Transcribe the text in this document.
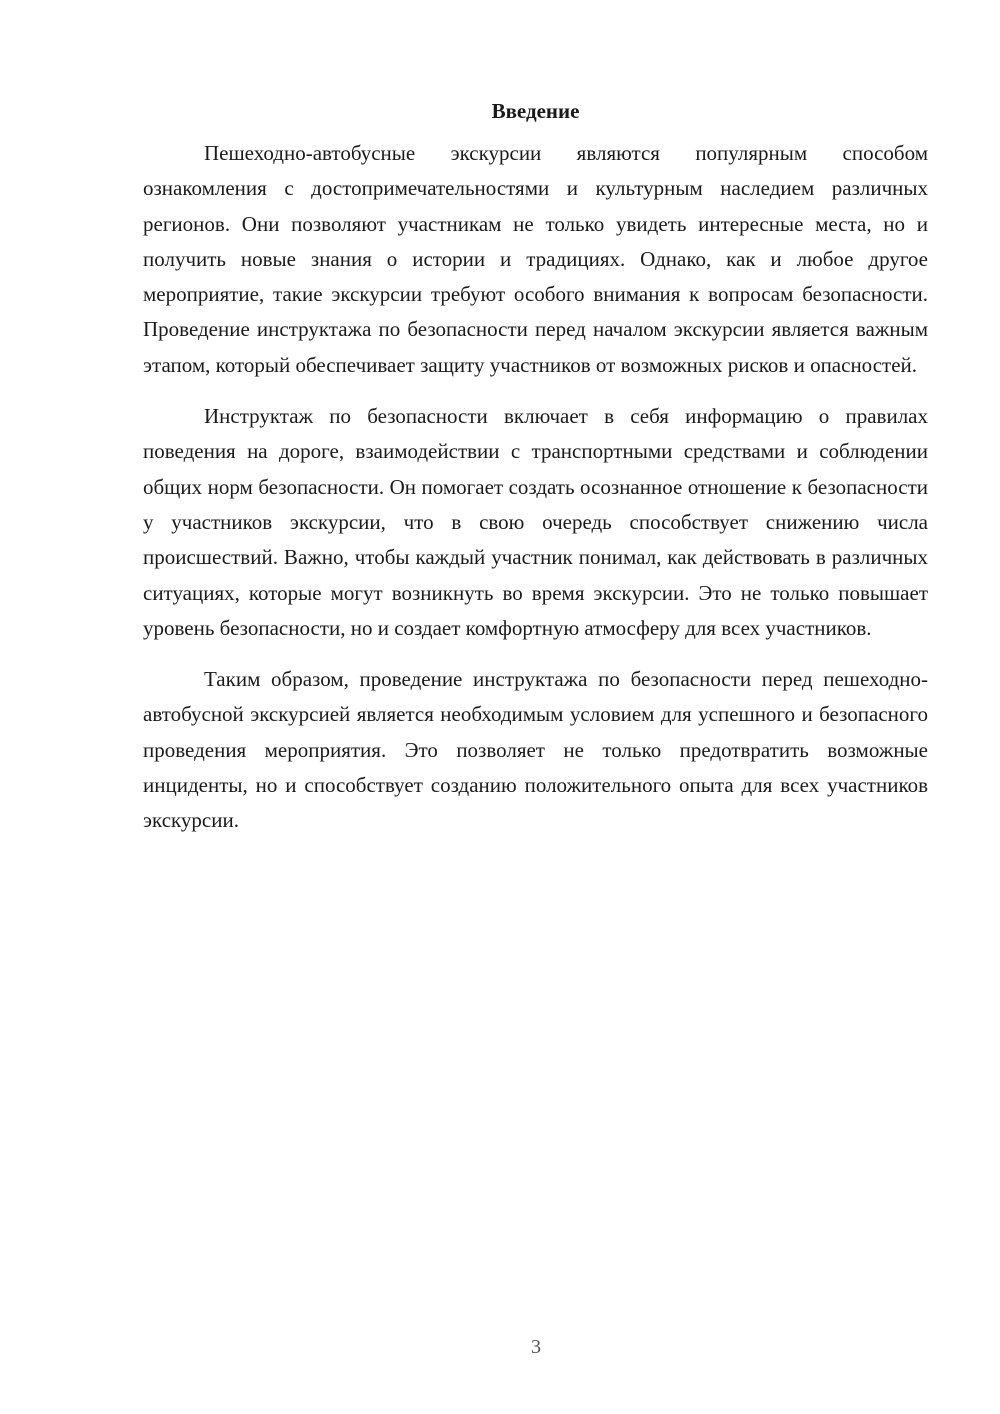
Введение

Пешеходно-автобусные экскурсии являются популярным способом ознакомления с достопримечательностями и культурным наследием различных регионов. Они позволяют участникам не только увидеть интересные места, но и получить новые знания о истории и традициях. Однако, как и любое другое мероприятие, такие экскурсии требуют особого внимания к вопросам безопасности. Проведение инструктажа по безопасности перед началом экскурсии является важным этапом, который обеспечивает защиту участников от возможных рисков и опасностей.

Инструктаж по безопасности включает в себя информацию о правилах поведения на дороге, взаимодействии с транспортными средствами и соблюдении общих норм безопасности. Он помогает создать осознанное отношение к безопасности у участников экскурсии, что в свою очередь способствует снижению числа происшествий. Важно, чтобы каждый участник понимал, как действовать в различных ситуациях, которые могут возникнуть во время экскурсии. Это не только повышает уровень безопасности, но и создает комфортную атмосферу для всех участников.

Таким образом, проведение инструктажа по безопасности перед пешеходно-автобусной экскурсией является необходимым условием для успешного и безопасного проведения мероприятия. Это позволяет не только предотвратить возможные инциденты, но и способствует созданию положительного опыта для всех участников экскурсии.

3
